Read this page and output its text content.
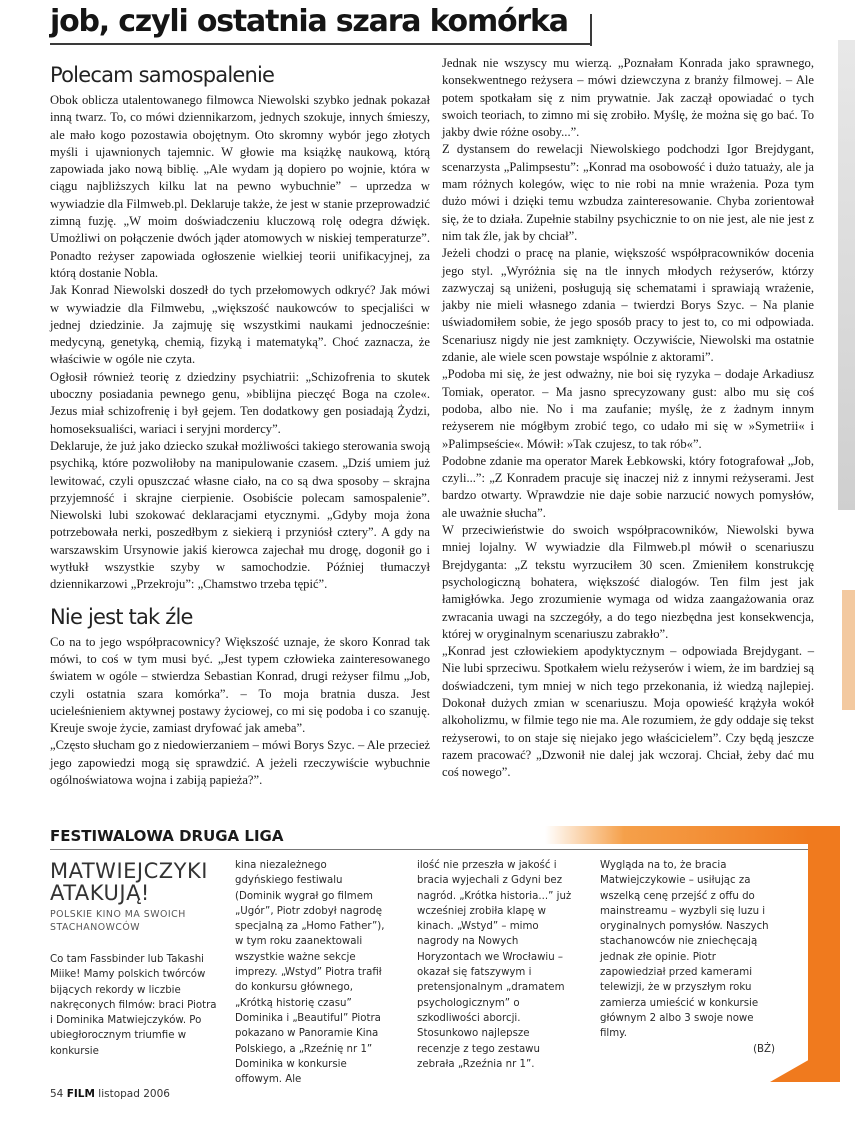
job, czyli ostatnia szara komórka
Polecam samospalenie

Obok oblicza utalentowanego filmowca Niewolski szybko jednak pokazał inną twarz. To, co mówi dziennikarzom, jednych szokuje, innych śmieszy, ale mało kogo pozostawia obojętnym. Oto skromny wybór jego złotych myśli i ujawnionych tajemnic. W głowie ma książkę naukową, którą zapowiada jako nową biblię. „Ale wydam ją dopiero po wojnie, która w ciągu najbliższych kilku lat na pewno wybuchnie” – uprzedza w wywiadzie dla Filmweb.pl. Deklaruje także, że jest w stanie przeprowadzić zimną fuzję. „W moim doświadczeniu kluczową rolę odegra dźwięk. Umożliwi on połączenie dwóch jąder atomowych w niskiej temperaturze”. Ponadto reżyser zapowiada ogłoszenie wielkiej teorii unifikacyjnej, za którą dostanie Nobla.

Jak Konrad Niewolski doszedł do tych przełomowych odkryć? Jak mówi w wywiadzie dla Filmwebu, „większość naukowców to specjaliści w jednej dziedzinie. Ja zajmuję się wszystkimi naukami jednocześnie: medycyną, genetyką, chemią, fizyką i matematyką”. Choć zaznacza, że właściwie w ogóle nie czyta.

Ogłosił również teorię z dziedziny psychiatrii: „Schizofrenia to skutek uboczny posiadania pewnego genu, »biblijna pieczęć Boga na czole«. Jezus miał schizofrenię i był gejem. Ten dodatkowy gen posiadają Żydzi, homoseksualiści, wariaci i seryjni mordercy”.

Deklaruje, że już jako dziecko szukał możliwości takiego sterowania swoją psychiką, które pozwoliłoby na manipulowanie czasem. „Dziś umiem już lewitować, czyli opuszczać własne ciało, na co są dwa sposoby – skrajna przyjemność i skrajne cierpienie. Osobiście polecam samospalenie”. Niewolski lubi szokować deklaracjami etycznymi. „Gdyby moja żona potrzebowała nerki, poszedłbym z siekierą i przyniósł cztery”. A gdy na warszawskim Ursynowie jakiś kierowca zajechał mu drogę, dogonił go i wytłukł wszystkie szyby w samochodzie. Później tłumaczył dziennikarzowi „Przekroju”: „Chamstwo trzeba tępić”.

Nie jest tak źle

Co na to jego współpracownicy? Większość uznaje, że skoro Konrad tak mówi, to coś w tym musi być. „Jest typem człowieka zainteresowanego światem w ogóle – stwierdza Sebastian Konrad, drugi reżyser filmu „Job, czyli ostatnia szara komórka”. – To moja bratnia dusza. Jest ucieleśnieniem aktywnej postawy życiowej, co mi się podoba i co szanuję. Kreuje swoje życie, zamiast dryfować jak ameba”.

„Często słucham go z niedowierzaniem – mówi Borys Szyc. – Ale przecież jego zapowiedzi mogą się sprawdzić. A jeżeli rzeczywiście wybuchnie ogólnoświatowa wojna i zabiją papieża?”.

Jednak nie wszyscy mu wierzą. „Poznałam Konrada jako sprawnego, konsekwentnego reżysera – mówi dziewczyna z branży filmowej. – Ale potem spotkałam się z nim prywatnie. Jak zaczął opowiadać o tych swoich teoriach, to zimno mi się zrobiło. Myślę, że można się go bać. To jakby dwie różne osoby...”.

Z dystansem do rewelacji Niewolskiego podchodzi Igor Brejdygant, scenarzysta „Palimpsestu”: „Konrad ma osobowość i dużo tatuaży, ale ja mam różnych kolegów, więc to nie robi na mnie wrażenia. Poza tym dużo mówi i dzięki temu wzbudza zainteresowanie. Chyba zorientował się, że to działa. Zupełnie stabilny psychicznie to on nie jest, ale nie jest z nim tak źle, jak by chciał”.

Jeżeli chodzi o pracę na planie, większość współpracowników docenia jego styl. „Wyróżnia się na tle innych młodych reżyserów, którzy zazwyczaj są uniżeni, posługują się schematami i sprawiają wrażenie, jakby nie mieli własnego zdania – twierdzi Borys Szyc. – Na planie uświadomiłem sobie, że jego sposób pracy to jest to, co mi odpowiada. Scenariusz nigdy nie jest zamknięty. Oczywiście, Niewolski ma ostatnie zdanie, ale wiele scen powstaje wspólnie z aktorami”.

„Podoba mi się, że jest odważny, nie boi się ryzyka – dodaje Arkadiusz Tomiak, operator. – Ma jasno sprecyzowany gust: albo mu się coś podoba, albo nie. No i ma zaufanie; myślę, że z żadnym innym reżyserem nie mógłbym zrobić tego, co udało mi się w »Symetrii« i »Palimpseście«. Mówił: »Tak czujesz, to tak rób«”.

Podobne zdanie ma operator Marek Łebkowski, który fotografował „Job, czyli...”: „Z Konradem pracuje się inaczej niż z innymi reżyserami. Jest bardzo otwarty. Wprawdzie nie daje sobie narzucić nowych pomysłów, ale uważnie słucha”.

W przeciwieństwie do swoich współpracowników, Niewolski bywa mniej lojalny. W wywiadzie dla Filmweb.pl mówił o scenariuszu Brejdyganta: „Z tekstu wyrzuciłem 30 scen. Zmieniłem konstrukcję psychologiczną bohatera, większość dialogów. Ten film jest jak łamigłówka. Jego zrozumienie wymaga od widza zaangażowania oraz zwracania uwagi na szczegóły, a do tego niezbędna jest konsekwencja, której w oryginalnym scenariuszu zabrakło”.

„Konrad jest człowiekiem apodyktycznym – odpowiada Brejdygant. – Nie lubi sprzeciwu. Spotkałem wielu reżyserów i wiem, że im bardziej są doświadczeni, tym mniej w nich tego przekonania, iż wiedzą najlepiej. Dokonał dużych zmian w scenariuszu. Moja opowieść krążyła wokół alkoholizmu, w filmie tego nie ma. Ale rozumiem, że gdy oddaje się tekst reżyserowi, to on staje się niejako jego właścicielem”. Czy będą jeszcze razem pracować? „Dzwonił nie dalej jak wczoraj. Chciał, żeby dać mu coś nowego”.

FESTIWALOWA DRUGA LIGA
MATWIEJCZYKI ATAKUJĄ!
POLSKIE KINO MA SWOICH STACHANOWCÓW

Co tam Fassbinder lub Takashi Miike! Mamy polskich twórców bijących rekordy w liczbie nakręconych filmów: braci Piotra i Dominika Matwiejczyków. Po ubiegłorocznym triumfie w konkursie

kina niezależnego gdyńskiego festiwalu (Dominik wygrał go filmem „Ugór”, Piotr zdobył nagrodę specjalną za „Homo Father”), w tym roku zaanektowali wszystkie ważne sekcje imprezy. „Wstyd” Piotra trafił do konkursu głównego, „Krótką historię czasu” Dominika i „Beautiful” Piotra pokazano w Panoramie Kina Polskiego, a „Rzeźnię nr 1” Dominika w konkursie offowym. Ale

ilość nie przeszła w jakość i bracia wyjechali z Gdyni bez nagród. „Krótka historia...” już wcześniej zrobiła klapę w kinach. „Wstyd” – mimo nagrody na Nowych Horyzontach we Wrocławiu – okazał się fatszywym i pretensjonalnym „dramatem psychologicznym” o szkodliwości aborcji. Stosunkowo najlepsze recenzje z tego zestawu zebrała „Rzeźnia nr 1”.

Wygląda na to, że bracia Matwiejczykowie – usiłując za wszelką cenę przejść z offu do mainstreamu – wyzbyli się luzu i oryginalnych pomysłów. Naszych stachanowców nie zniechęcają jednak złe opinie. Piotr zapowiedział przed kamerami telewizji, że w przyszłym roku zamierza umieścić w konkursie głównym 2 albo 3 swoje nowe filmy.

(BŻ)
54 FILM listopad 2006
